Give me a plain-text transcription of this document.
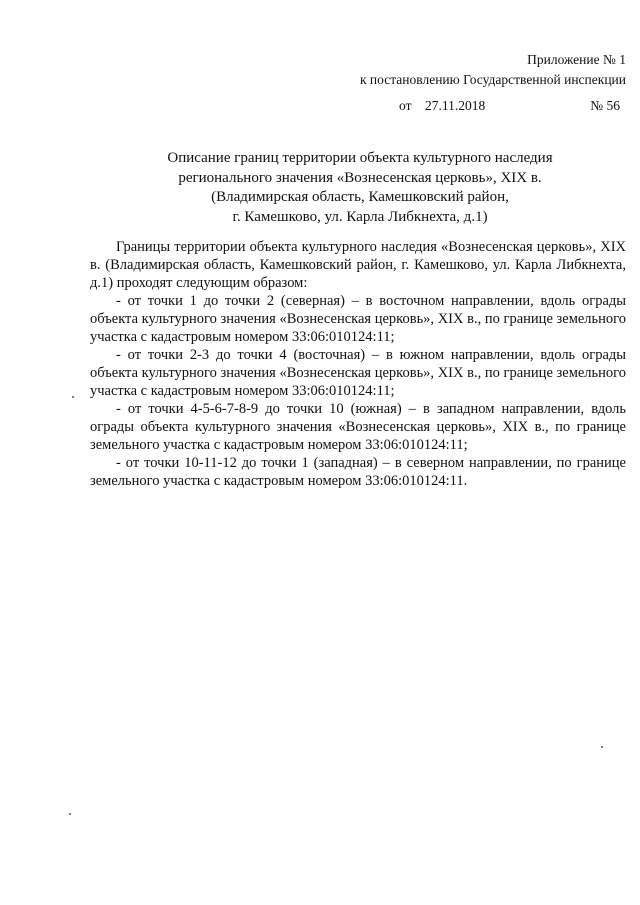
Приложение № 1
к постановлению Государственной инспекции
от 27.11.2018	№ 56
Описание границ территории объекта культурного наследия
регионального значения «Вознесенская церковь», XIX в.
(Владимирская область, Камешковский район,
г. Камешково, ул. Карла Либкнехта, д.1)

Границы территории объекта культурного наследия «Вознесенская церковь», XIX в. (Владимирская область, Камешковский район, г. Камешково, ул. Карла Либкнехта, д.1) проходят следующим образом:

- от точки 1 до точки 2 (северная) – в восточном направлении, вдоль ограды объекта культурного значения «Вознесенская церковь», XIX в., по границе земельного участка с кадастровым номером 33:06:010124:11;

- от точки 2-3 до точки 4 (восточная) – в южном направлении, вдоль ограды объекта культурного значения «Вознесенская церковь», XIX в., по границе земельного участка с кадастровым номером 33:06:010124:11;

- от точки 4-5-6-7-8-9 до точки 10 (южная) – в западном направлении, вдоль ограды объекта культурного значения «Вознесенская церковь», XIX в., по границе земельного участка с кадастровым номером 33:06:010124:11;

- от точки 10-11-12 до точки 1 (западная) – в северном направлении, по границе земельного участка с кадастровым номером 33:06:010124:11.
